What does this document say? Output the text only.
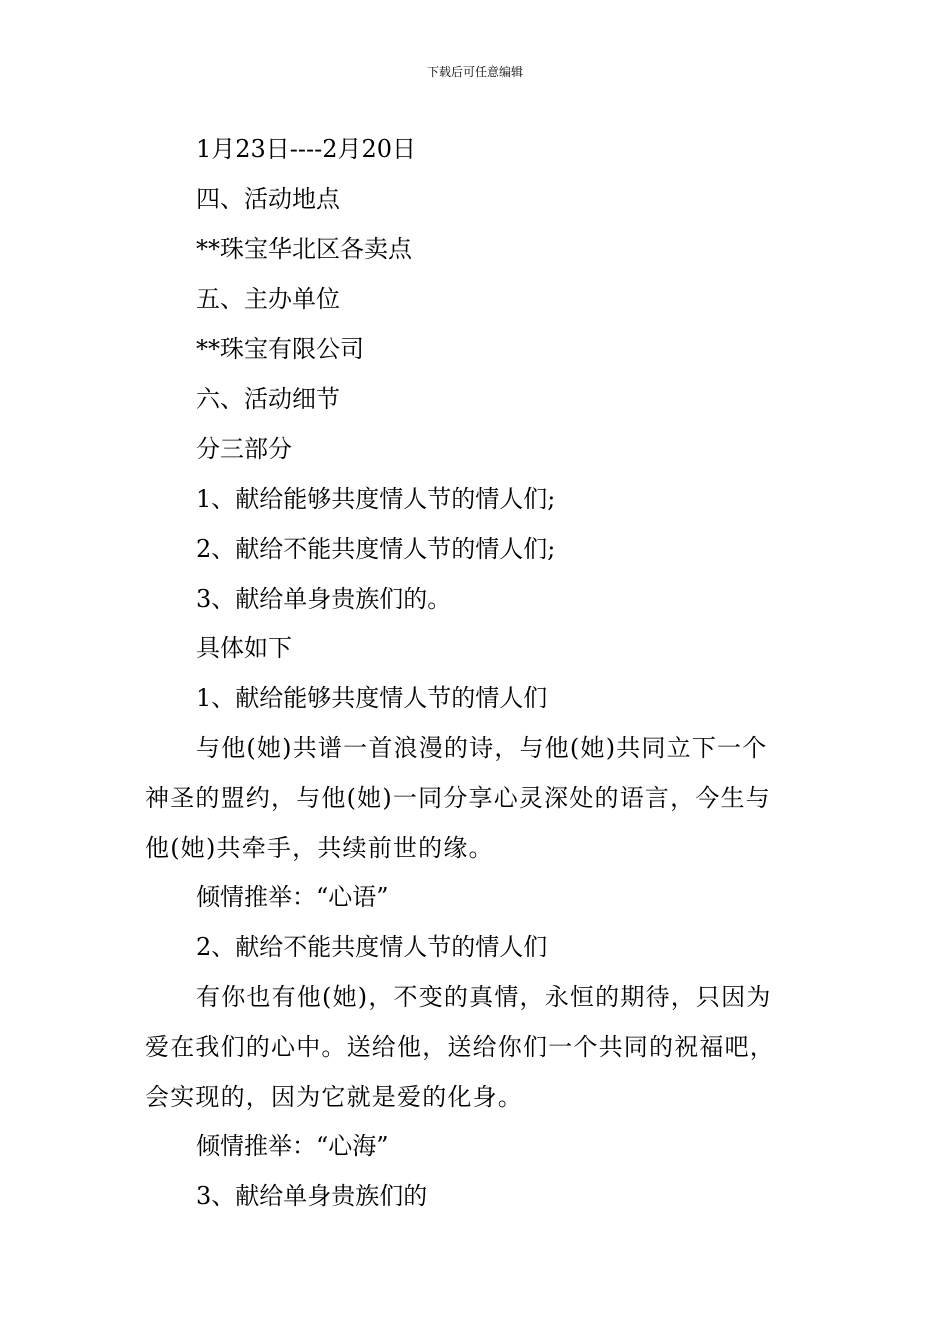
下载后可任意编辑
1月23日----2月20日
四、活动地点
**珠宝华北区各卖点
五、主办单位
**珠宝有限公司
六、活动细节
分三部分
1、献给能够共度情人节的情人们;
2、献给不能共度情人节的情人们;
3、献给单身贵族们的。
具体如下
1、献给能够共度情人节的情人们
与他(她)共谱一首浪漫的诗，与他(她)共同立下一个
神圣的盟约，与他(她)一同分享心灵深处的语言，今生与
他(她)共牵手，共续前世的缘。
倾情推举：“心语”
2、献给不能共度情人节的情人们
有你也有他(她)，不变的真情，永恒的期待，只因为
爱在我们的心中。送给他，送给你们一个共同的祝福吧，
会实现的，因为它就是爱的化身。
倾情推举：“心海”
3、献给单身贵族们的
